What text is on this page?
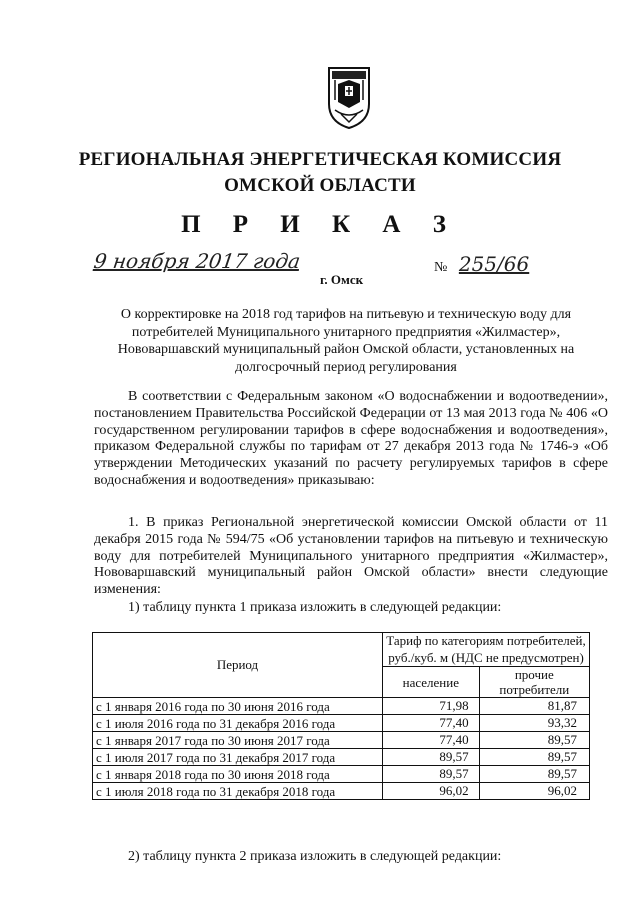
РЕГИОНАЛЬНАЯ ЭНЕРГЕТИЧЕСКАЯ КОМИССИЯ
ОМСКОЙ ОБЛАСТИ
П Р И К А З
9 ноября 2017 года
г. Омск
№ 255/66
О корректировке на 2018 год тарифов на питьевую и техническую воду для потребителей Муниципального унитарного предприятия «Жилмастер», Нововаршавский муниципальный район Омской области, установленных на долгосрочный период регулирования
В соответствии с Федеральным законом «О водоснабжении и водоотведении», постановлением Правительства Российской Федерации от 13 мая 2013 года № 406 «О государственном регулировании тарифов в сфере водоснабжения и водоотведения», приказом Федеральной службы по тарифам от 27 декабря 2013 года № 1746-э «Об утверждении Методических указаний по расчету регулируемых тарифов в сфере водоснабжения и водоотведения» приказываю:
1. В приказ Региональной энергетической комиссии Омской области от 11 декабря 2015 года № 594/75 «Об установлении тарифов на питьевую и техническую воду для потребителей Муниципального унитарного предприятия «Жилмастер», Нововаршавский муниципальный район Омской области» внести следующие изменения:
1) таблицу пункта 1 приказа изложить в следующей редакции:
Период	Тариф по категориям потребителей, руб./куб. м (НДС не предусмотрен)	
	население	прочие потребители
с 1 января 2016 года по 30 июня 2016 года	71,98	81,87
с 1 июля 2016 года по 31 декабря 2016 года	77,40	93,32
с 1 января 2017 года по 30 июня 2017 года	77,40	89,57
с 1 июля 2017 года по 31 декабря 2017 года	89,57	89,57
с 1 января 2018 года по 30 июня 2018 года	89,57	89,57
с 1 июля 2018 года по 31 декабря 2018 года	96,02	96,02
2) таблицу пункта 2 приказа изложить в следующей редакции:
